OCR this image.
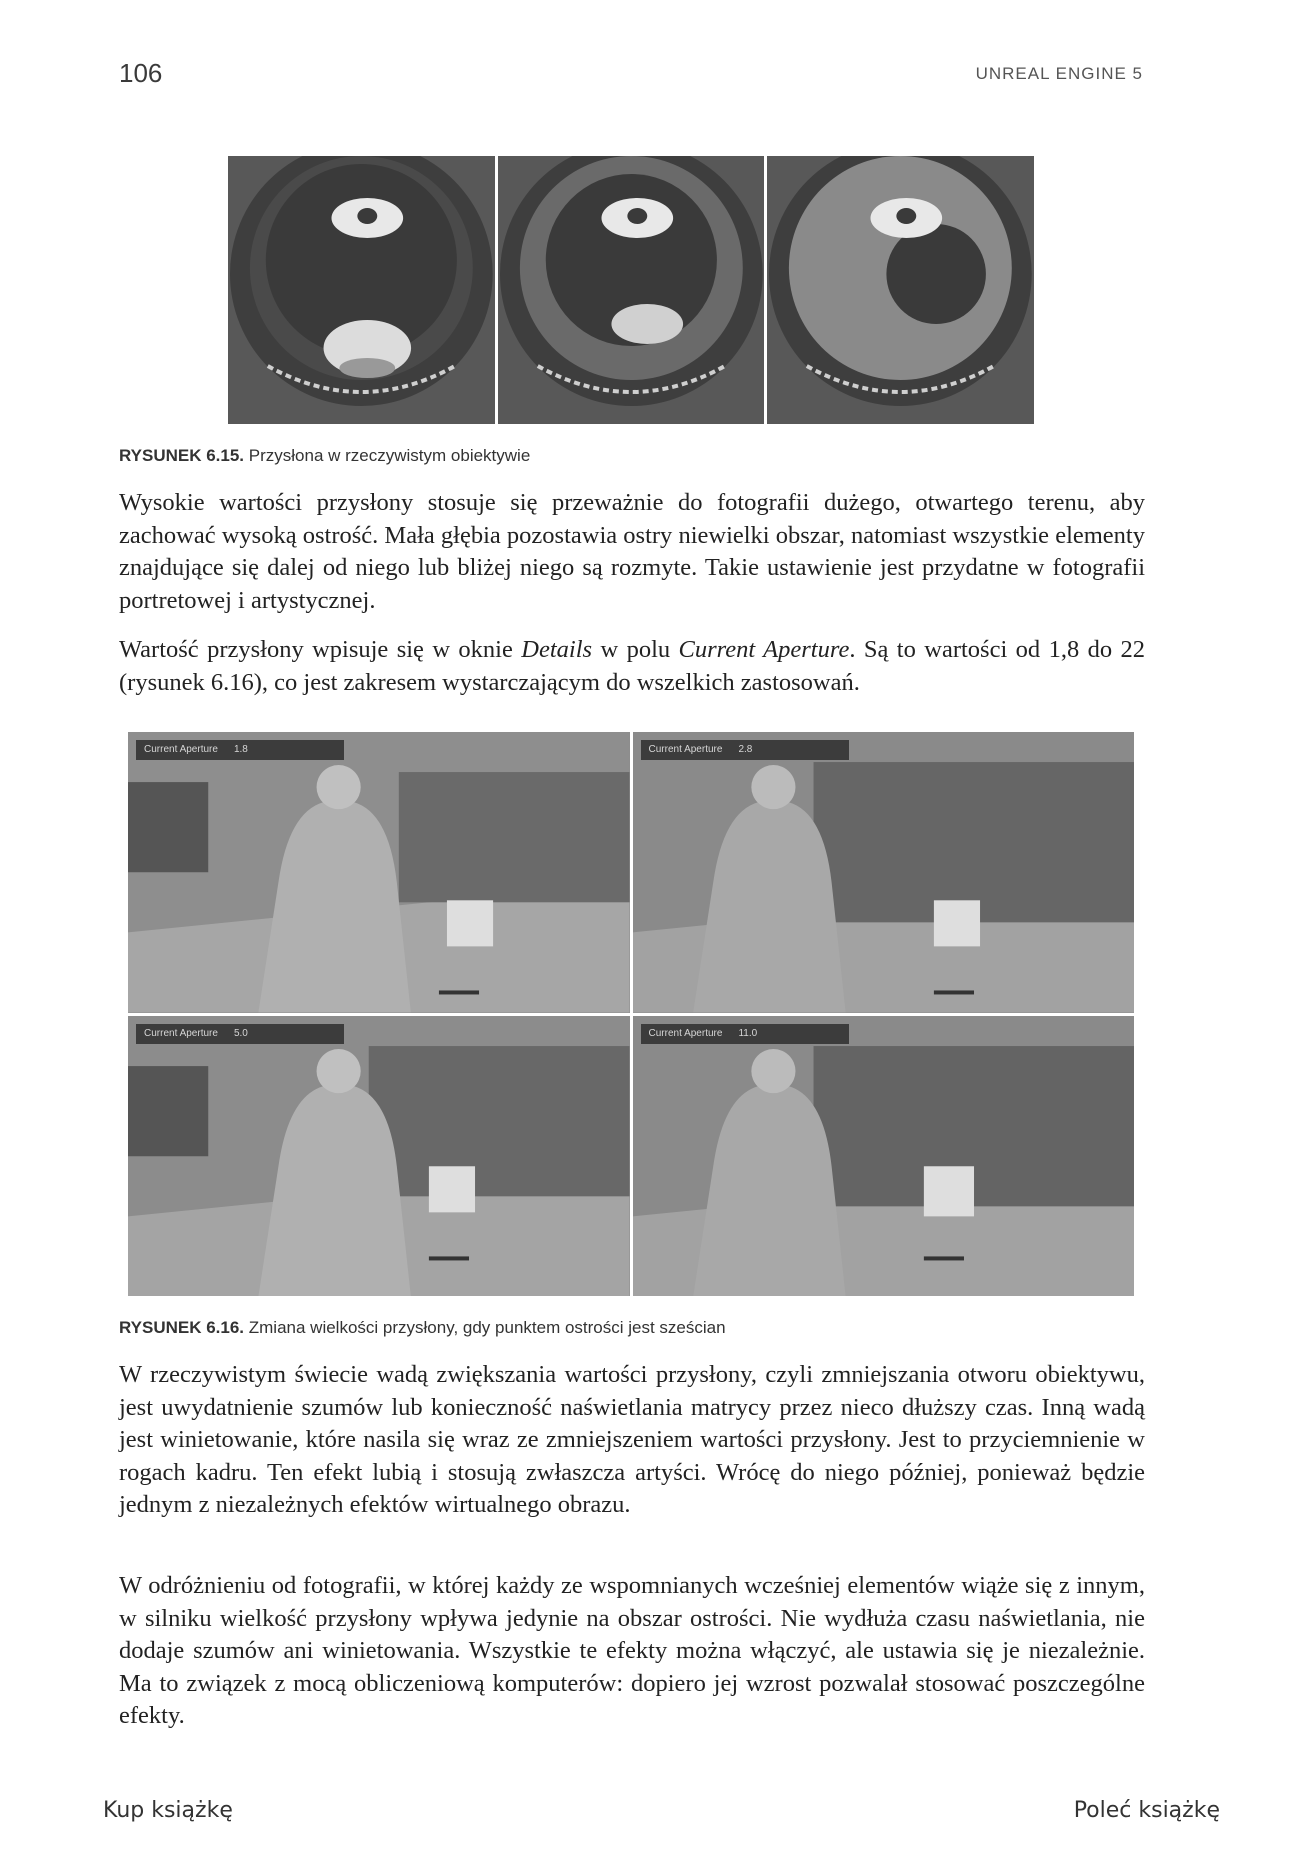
106	UNREAL ENGINE 5
RYSUNEK 6.15. Przysłona w rzeczywistym obiektywie

Wysokie wartości przysłony stosuje się przeważnie do fotografii dużego, otwartego terenu, aby zachować wysoką ostrość. Mała głębia pozostawia ostry niewielki obszar, natomiast wszystkie elementy znajdujące się dalej od niego lub bliżej niego są rozmyte. Takie ustawienie jest przydatne w fotografii portretowej i artystycznej.

Wartość przysłony wpisuje się w oknie Details w polu Current Aperture. Są to wartości od 1,8 do 22 (rysunek 6.16), co jest zakresem wystarczającym do wszelkich zastosowań.

Current Aperture 1.8	Current Aperture 2.8
Current Aperture 5.0	Current Aperture 11.0
RYSUNEK 6.16. Zmiana wielkości przysłony, gdy punktem ostrości jest sześcian

W rzeczywistym świecie wadą zwiększania wartości przysłony, czyli zmniejszania otworu obiektywu, jest uwydatnienie szumów lub konieczność naświetlania matrycy przez nieco dłuższy czas. Inną wadą jest winietowanie, które nasila się wraz ze zmniejszeniem wartości przysłony. Jest to przyciemnienie w rogach kadru. Ten efekt lubią i stosują zwłaszcza artyści. Wrócę do niego później, ponieważ będzie jednym z niezależnych efektów wirtualnego obrazu.

W odróżnieniu od fotografii, w której każdy ze wspomnianych wcześniej elementów wiąże się z innym, w silniku wielkość przysłony wpływa jedynie na obszar ostrości. Nie wydłuża czasu naświetlania, nie dodaje szumów ani winietowania. Wszystkie te efekty można włączyć, ale ustawia się je niezależnie. Ma to związek z mocą obliczeniową komputerów: dopiero jej wzrost pozwalał stosować poszczególne efekty.

Kup książkę	Poleć książkę
